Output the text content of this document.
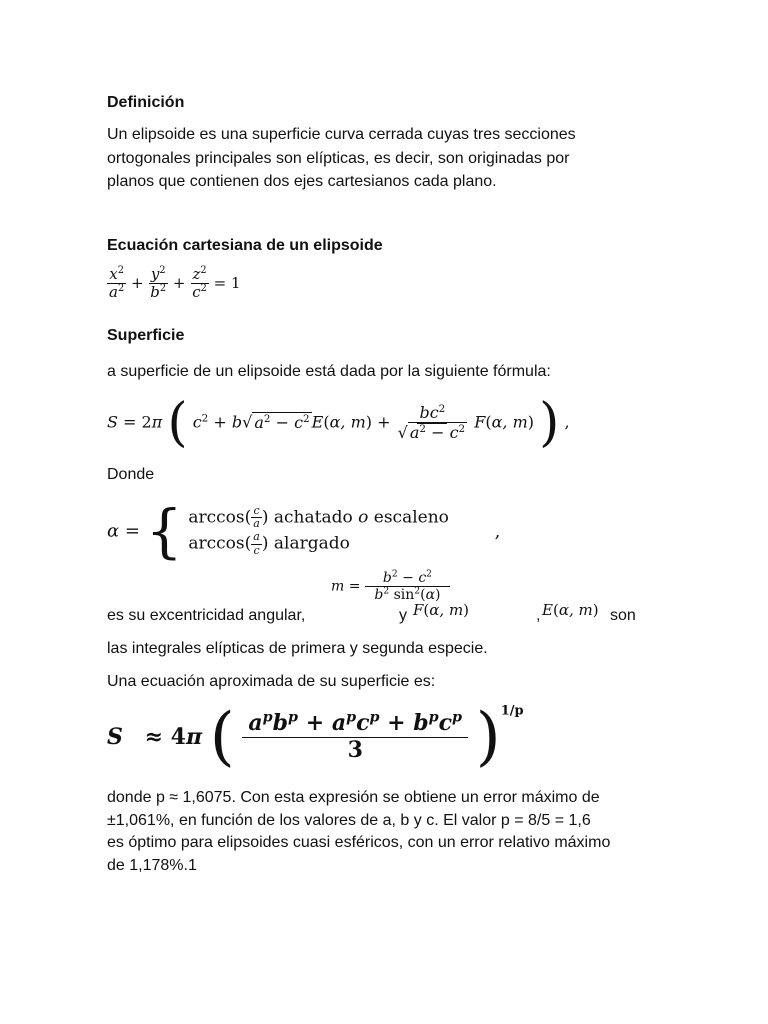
Definición
Un elipsoide es una superficie curva cerrada cuyas tres secciones
ortogonales principales son elípticas, es decir, son originadas por
planos que contienen dos ejes cartesianos cada plano.
Ecuación cartesiana de un elipsoide
$\frac{x^2}{a^2} + \frac{y^2}{b^2} + \frac{z^2}{c^2} = 1$
Superficie
a superficie de un elipsoide está dada por la siguiente fórmula:
S = 2π ( $c^2 + b√$ $a^2 - c^2$ E(α, $m) + \frac{bc^2}{√ a^2 - c^2} F(\alpha$, m) ) ,
Donde
α = { $\arccos( \frac{c}{a}$ ) achatado o escaleno
$\arccos( \frac{a}{c}$ ) alargado
,
$m = \frac{b^2 - c^2}{b^2 \sin^2(\alpha)}$
es su excentricidad angular,	y F(α, m)	, E(α, m) son
las integrales elípticas de primera y segunda especie.
Una ecuación aproximada de su superficie es:
S ≈ 4π ( $\frac{a^pb^p + a^pc^p + b^pc^p}{3} )^{1/p}$
donde p ≈ 1,6075. Con esta expresión se obtiene un error máximo de
±1,061%, en función de los valores de a, b y c. El valor p = 8/5 = 1,6
es óptimo para elipsoides cuasi esféricos, con un error relativo máximo
de 1,178%.1
